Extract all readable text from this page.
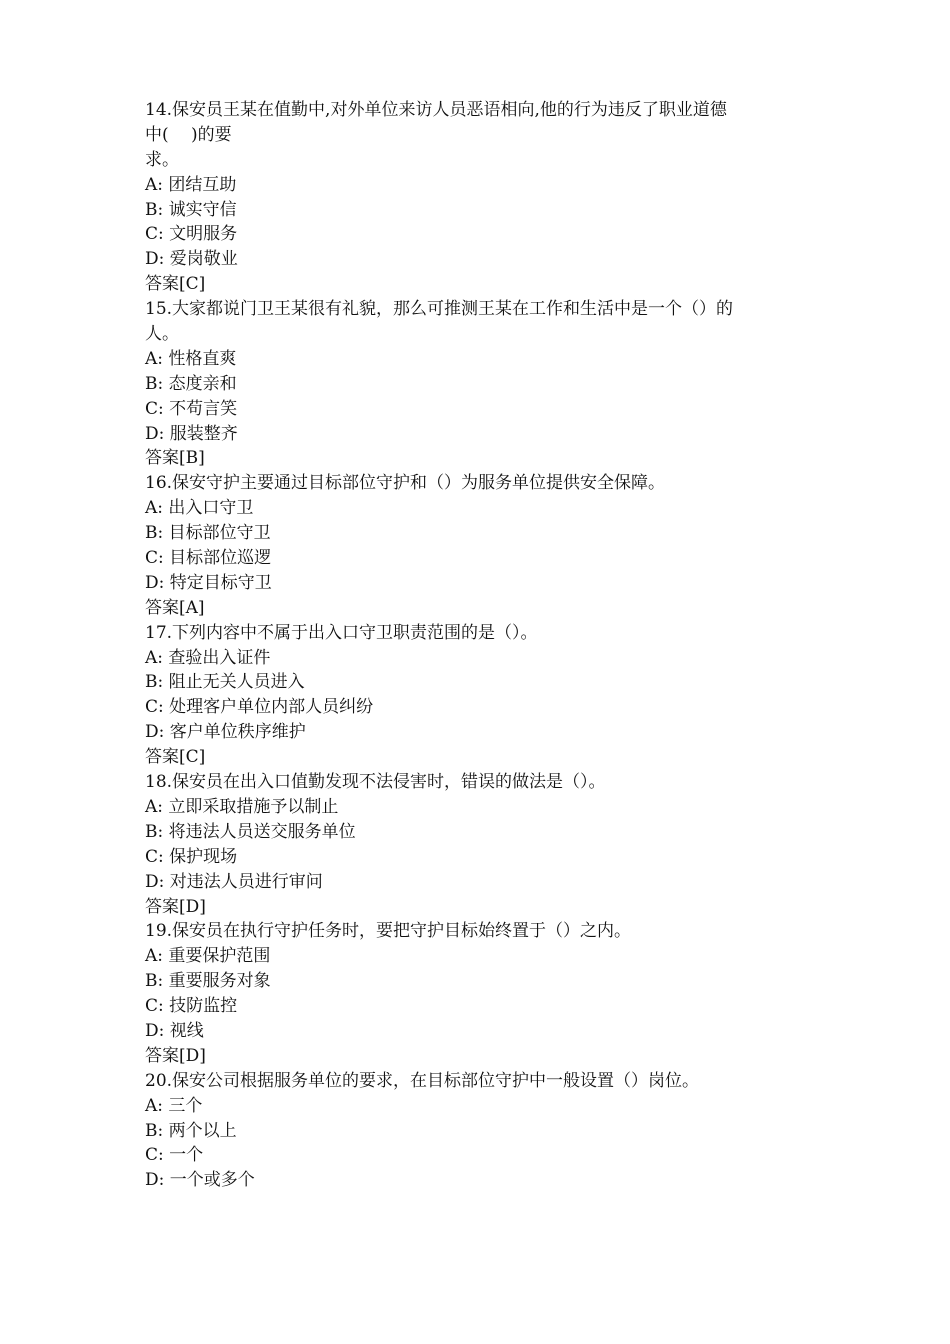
14.保安员王某在值勤中,对外单位来访人员恶语相向,他的行为违反了职业道德
中(　 )的要
求。
A: 团结互助
B: 诚实守信
C: 文明服务
D: 爱岗敬业
答案[C]
15.大家都说门卫王某很有礼貌，那么可推测王某在工作和生活中是一个（）的
人。
A: 性格直爽
B: 态度亲和
C: 不苟言笑
D: 服装整齐
答案[B]
16.保安守护主要通过目标部位守护和（）为服务单位提供安全保障。
A: 出入口守卫
B: 目标部位守卫
C: 目标部位巡逻
D: 特定目标守卫
答案[A]
17.下列内容中不属于出入口守卫职责范围的是（）。
A: 查验出入证件
B: 阻止无关人员进入
C: 处理客户单位内部人员纠纷
D: 客户单位秩序维护
答案[C]
18.保安员在出入口值勤发现不法侵害时，错误的做法是（）。
A: 立即采取措施予以制止
B: 将违法人员送交服务单位
C: 保护现场
D: 对违法人员进行审问
答案[D]
19.保安员在执行守护任务时，要把守护目标始终置于（）之内。
A: 重要保护范围
B: 重要服务对象
C: 技防监控
D: 视线
答案[D]
20.保安公司根据服务单位的要求，在目标部位守护中一般设置（）岗位。
A: 三个
B: 两个以上
C: 一个
D: 一个或多个
